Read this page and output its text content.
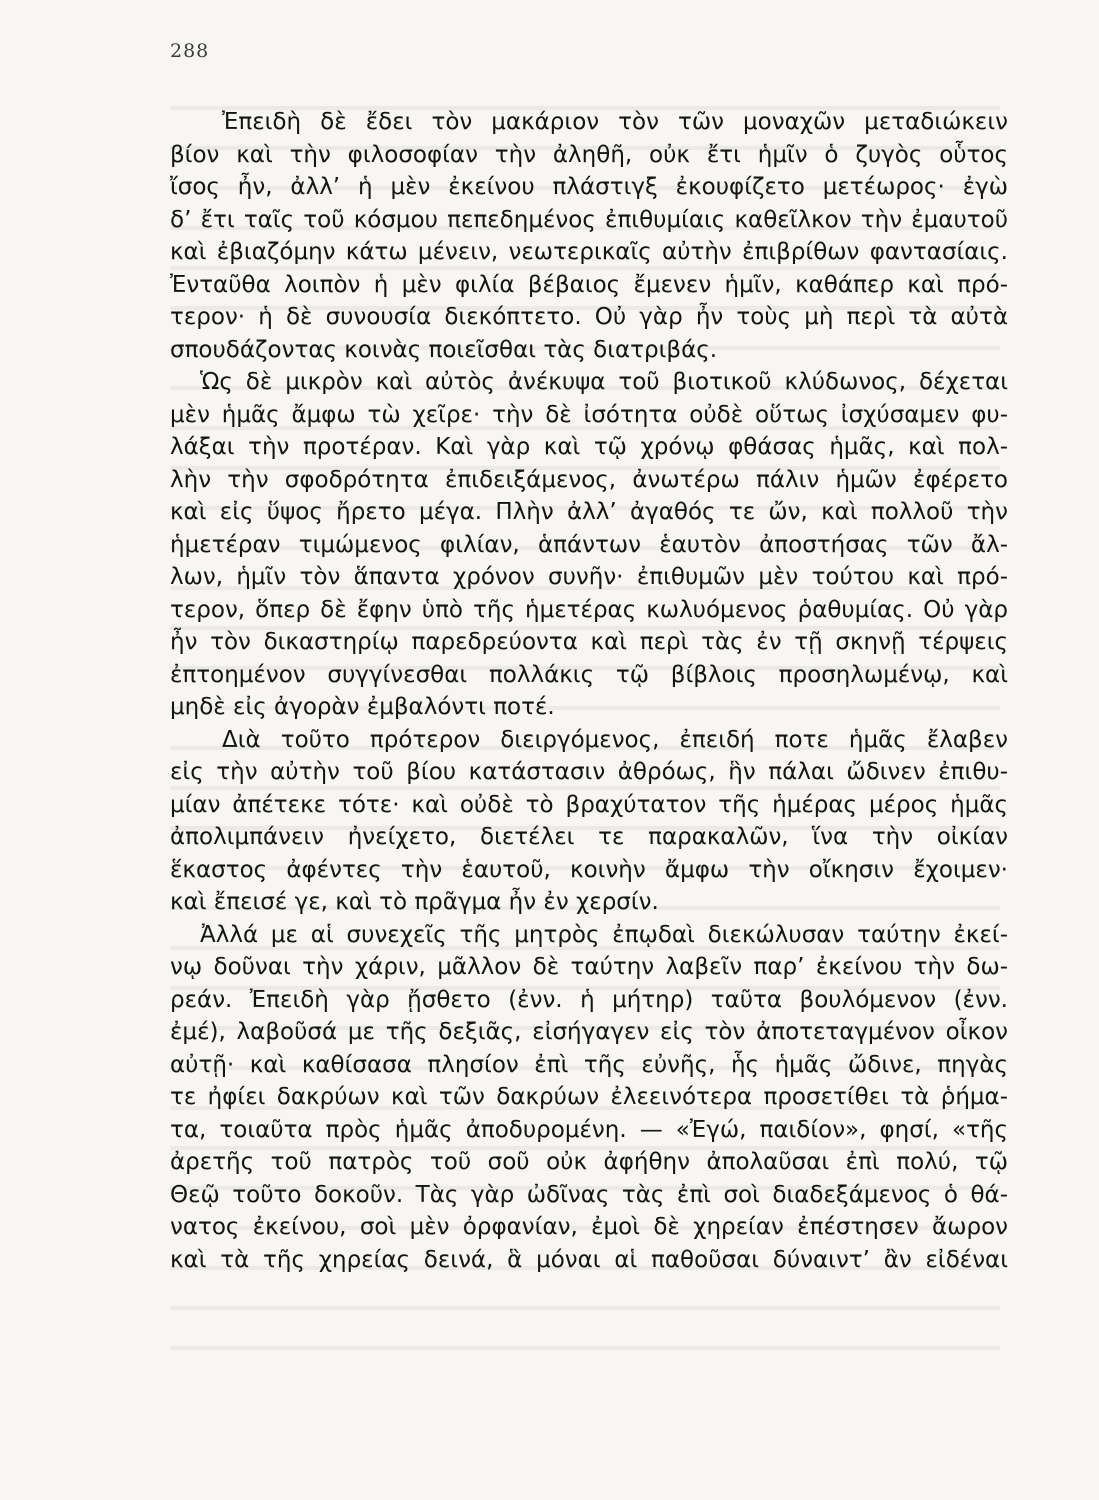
288

Ἐπειδὴ δὲ ἔδει τὸν μακάριον τὸν τῶν μοναχῶν μεταδιώκειν
βίον καὶ τὴν φιλοσοφίαν τὴν ἀληθῆ, οὐκ ἔτι ἡμῖν ὁ ζυγὸς οὗτος
ἴσος ἦν, ἀλλ’ ἡ μὲν ἐκείνου πλάστιγξ ἐκουφίζετο μετέωρος· ἐγὼ
δ’ ἔτι ταῖς τοῦ κόσμου πεπεδημένος ἐπιθυμίαις καθεῖλκον τὴν ἐμαυτοῦ
καὶ ἐβιαζόμην κάτω μένειν, νεωτερικαῖς αὐτὴν ἐπιβρίθων φαντασίαις.
Ἐνταῦθα λοιπὸν ἡ μὲν φιλία βέβαιος ἔμενεν ἡμῖν, καθάπερ καὶ πρό-
τερον· ἡ δὲ συνουσία διεκόπτετο. Οὐ γὰρ ἦν τοὺς μὴ περὶ τὰ αὐτὰ
σπουδάζοντας κοινὰς ποιεῖσθαι τὰς διατριβάς.

Ὡς δὲ μικρὸν καὶ αὐτὸς ἀνέκυψα τοῦ βιοτικοῦ κλύδωνος, δέχεται
μὲν ἡμᾶς ἄμφω τὼ χεῖρε· τὴν δὲ ἰσότητα οὐδὲ οὕτως ἰσχύσαμεν φυ-
λάξαι τὴν προτέραν. Καὶ γὰρ καὶ τῷ χρόνῳ φθάσας ἡμᾶς, καὶ πολ-
λὴν τὴν σφοδρότητα ἐπιδειξάμενος, ἀνωτέρω πάλιν ἡμῶν ἐφέρετο
καὶ εἰς ὕψος ἤρετο μέγα. Πλὴν ἀλλ’ ἀγαθός τε ὤν, καὶ πολλοῦ τὴν
ἡμετέραν τιμώμενος φιλίαν, ἁπάντων ἑαυτὸν ἀποστήσας τῶν ἄλ-
λων, ἡμῖν τὸν ἅπαντα χρόνον συνῆν· ἐπιθυμῶν μὲν τούτου καὶ πρό-
τερον, ὅπερ δὲ ἔφην ὑπὸ τῆς ἡμετέρας κωλυόμενος ῥαθυμίας. Οὐ γὰρ
ἦν τὸν δικαστηρίῳ παρεδρεύοντα καὶ περὶ τὰς ἐν τῇ σκηνῇ τέρψεις
ἐπτοημένον συγγίνεσθαι πολλάκις τῷ βίβλοις προσηλωμένῳ, καὶ
μηδὲ εἰς ἀγορὰν ἐμβαλόντι ποτέ.

Διὰ τοῦτο πρότερον διειργόμενος, ἐπειδή ποτε ἡμᾶς ἔλαβεν
εἰς τὴν αὐτὴν τοῦ βίου κατάστασιν ἀθρόως, ἣν πάλαι ὤδινεν ἐπιθυ-
μίαν ἀπέτεκε τότε· καὶ οὐδὲ τὸ βραχύτατον τῆς ἡμέρας μέρος ἡμᾶς
ἀπολιμπάνειν ἠνείχετο, διετέλει τε παρακαλῶν, ἵνα τὴν οἰκίαν
ἕκαστος ἀφέντες τὴν ἑαυτοῦ, κοινὴν ἄμφω τὴν οἴκησιν ἔχοιμεν·
καὶ ἔπεισέ γε, καὶ τὸ πρᾶγμα ἦν ἐν χερσίν.

Ἀλλά με αἱ συνεχεῖς τῆς μητρὸς ἐπῳδαὶ διεκώλυσαν ταύτην ἐκεί-
νῳ δοῦναι τὴν χάριν, μᾶλλον δὲ ταύτην λαβεῖν παρ’ ἐκείνου τὴν δω-
ρεάν. Ἐπειδὴ γὰρ ᾔσθετο (ἐνν. ἡ μήτηρ) ταῦτα βουλόμενον (ἐνν.
ἐμέ), λαβοῦσά με τῆς δεξιᾶς, εἰσήγαγεν εἰς τὸν ἀποτεταγμένον οἶκον
αὐτῇ· καὶ καθίσασα πλησίον ἐπὶ τῆς εὐνῆς, ἧς ἡμᾶς ὤδινε, πηγὰς
τε ἠφίει δακρύων καὶ τῶν δακρύων ἐλεεινότερα προσετίθει τὰ ῥήμα-
τα, τοιαῦτα πρὸς ἡμᾶς ἀποδυρομένη. — «Ἐγώ, παιδίον», φησί, «τῆς
ἀρετῆς τοῦ πατρὸς τοῦ σοῦ οὐκ ἀφήθην ἀπολαῦσαι ἐπὶ πολύ, τῷ
Θεῷ τοῦτο δοκοῦν. Τὰς γὰρ ὠδῖνας τὰς ἐπὶ σοὶ διαδεξάμενος ὁ θά-
νατος ἐκείνου, σοὶ μὲν ὀρφανίαν, ἐμοὶ δὲ χηρείαν ἐπέστησεν ἄωρον
καὶ τὰ τῆς χηρείας δεινά, ἃ μόναι αἱ παθοῦσαι δύναιντ’ ἂν εἰδέναι
